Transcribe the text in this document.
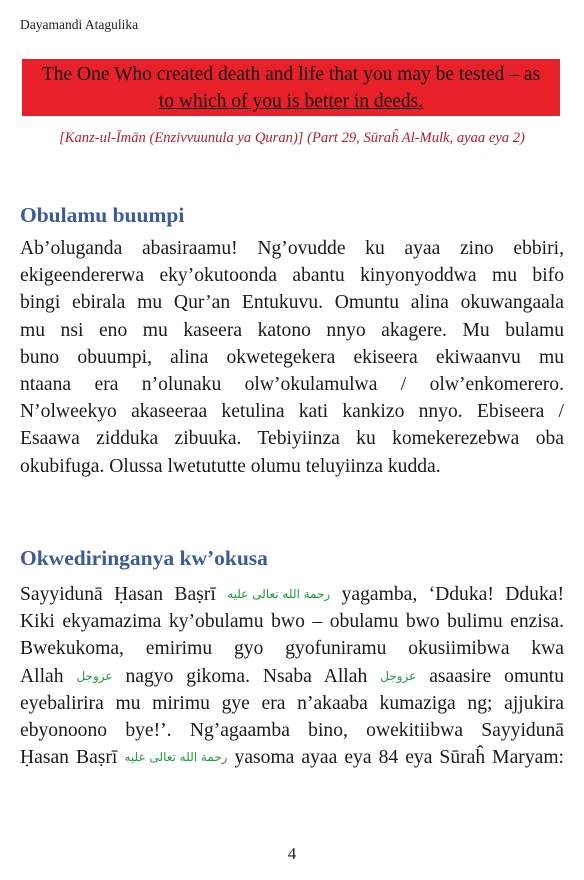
Dayamandi Atagulika
The One Who created death and life that you may be tested – as
to which of you is better in deeds.
[Kanz-ul-Īmān (Enzivvuunula ya Quran)] (Part 29, Sūraĥ Al-Mulk, ayaa eya 2)
Obulamu buumpi
Ab’oluganda abasiraamu! Ng’ovudde ku ayaa zino ebbiri,
ekigeendererwa eky’okutoonda abantu kinyonyoddwa mu bifo
bingi ebirala mu Qur’an Entukuvu. Omuntu alina okuwangaala
mu nsi eno mu kaseera katono nnyo akagere. Mu bulamu
buno obuumpi, alina okwetegekera ekiseera ekiwaanvu mu
ntaana era n’olunaku olw’okulamulwa / olw’enkomerero.
N’olweekyo akaseeraa ketulina kati kankizo nnyo. Ebiseera /
Esaawa zidduka zibuuka. Tebiyiinza ku komekerezebwa oba
okubifuga. Olussa lwetututte olumu teluyiinza kudda.
Okwediringanya kw’okusa
Sayyidunā Ḥasan Baṣrī رحمة الله تعالى عليه yagamba, ‘Dduka! Dduka!
Kiki ekyamazima ky’obulamu bwo – obulamu bwo bulimu enzisa.
Bwekukoma, emirimu gyo gyofuniramu okusiimibwa kwa
Allah عزوجل nagyo gikoma. Nsaba Allah عزوجل asaasire omuntu
eyebalirira mu mirimu gye era n’akaaba kumaziga ng; ajjukira
ebyonoono bye!’. Ng’agaamba bino, owekitiibwa Sayyidunā
Ḥasan Baṣrī رحمة الله تعالى عليه yasoma ayaa eya 84 eya Sūraĥ Maryam:
4
